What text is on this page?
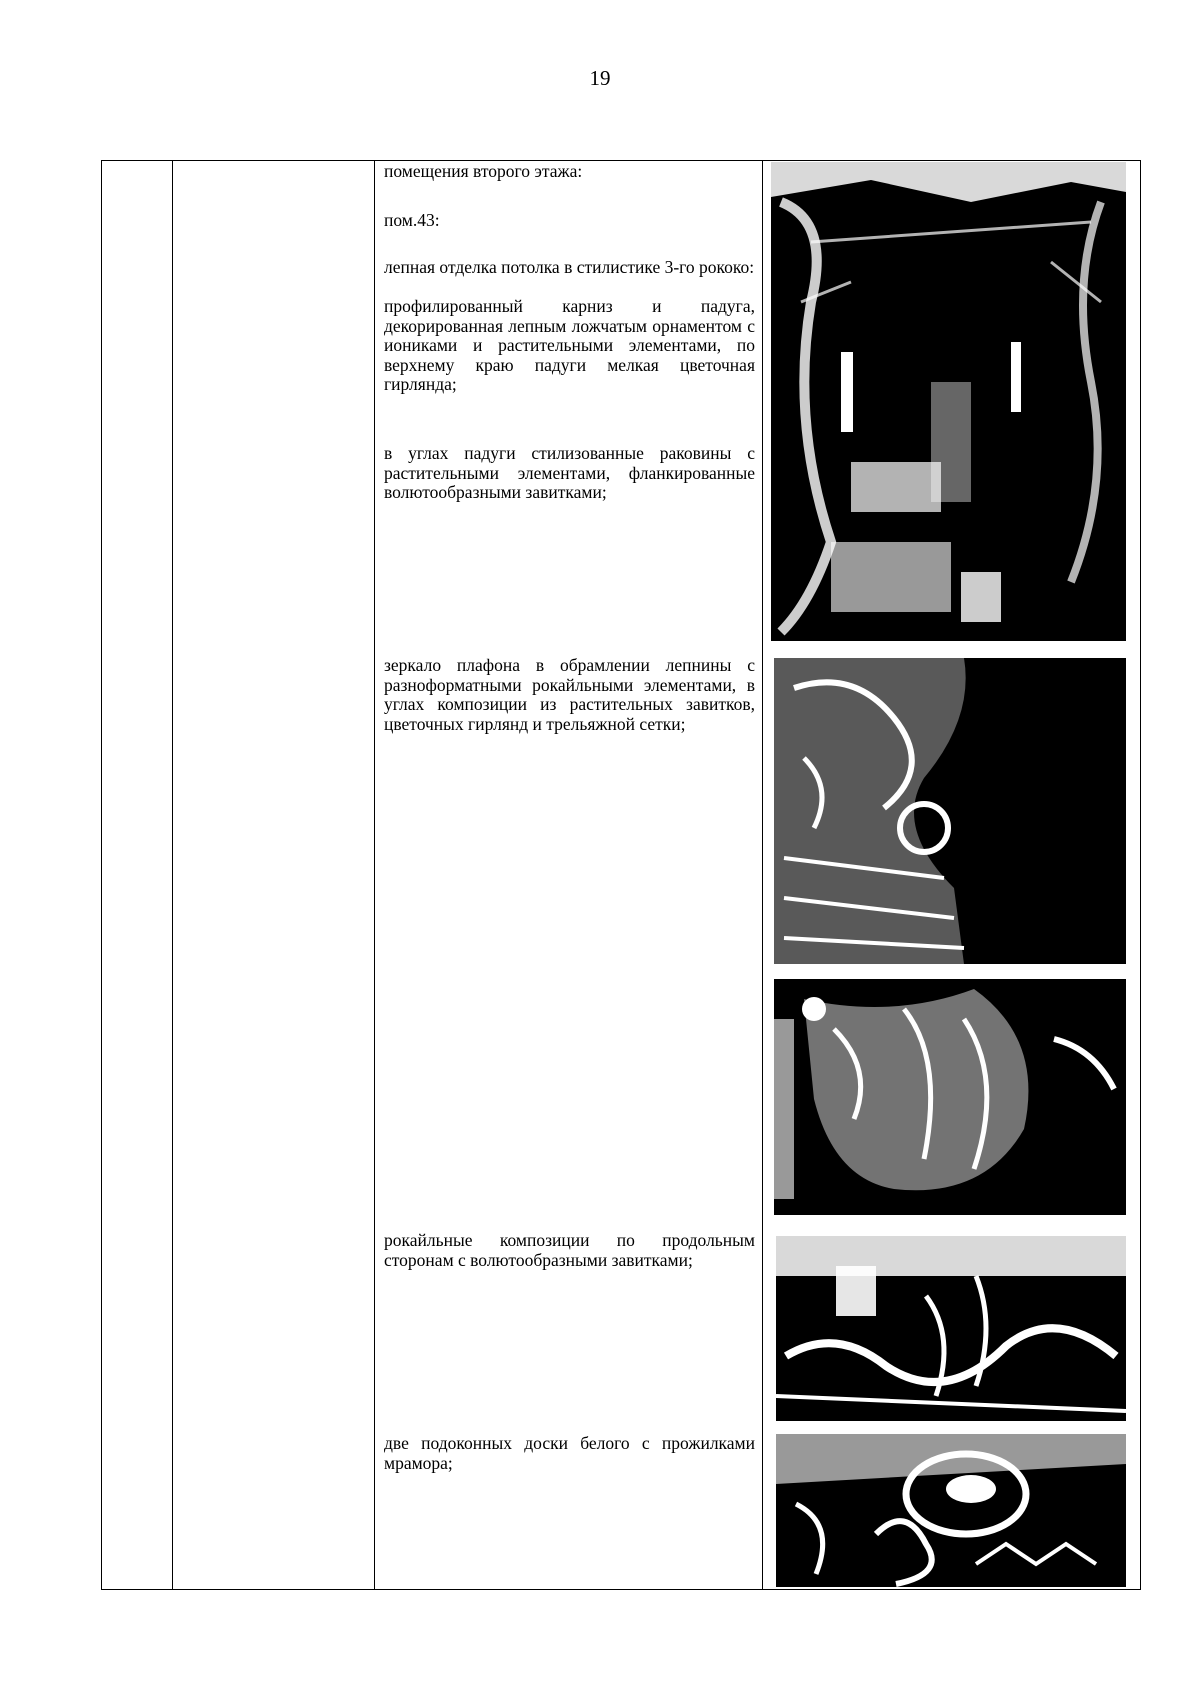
19

помещения второго этажа:

пом.43:

лепная отделка потолка в стилистике 3-го рококо:

профилированный карниз и падуга, декорированная лепным ложчатым орнаментом с иониками и растительными элементами, по верхнему краю падуги мелкая цветочная гирлянда;

в углах падуги стилизованные раковины с растительными элементами, фланкированные волютообразными завитками;

зеркало плафона в обрамлении лепнины с разноформатными рокайльными элементами, в углах композиции из растительных завитков, цветочных гирлянд и трельяжной сетки;

рокайльные композиции по продольным сторонам с волютообразными завитками;

две подоконных доски белого с прожилками мрамора;
